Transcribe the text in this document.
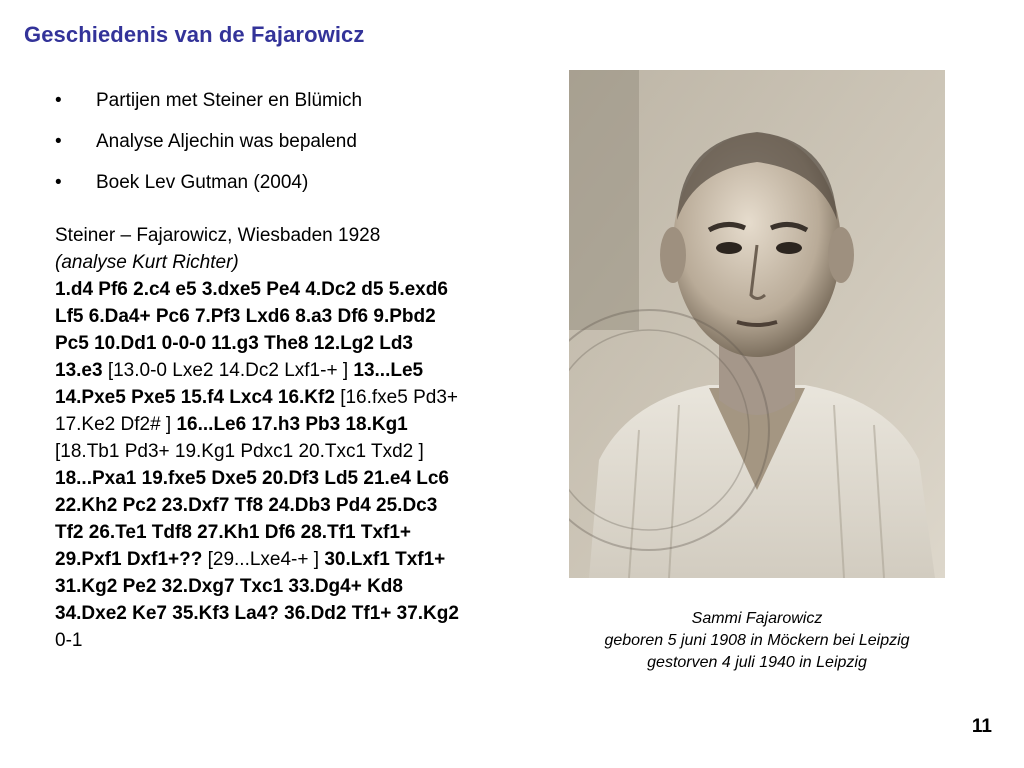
Geschiedenis van de Fajarowicz
• Partijen met Steiner en Blümich
• Analyse Aljechin was bepalend
• Boek Lev Gutman (2004)

Steiner – Fajarowicz, Wiesbaden 1928

(analyse Kurt Richter)

1.d4 Pf6 2.c4 e5 3.dxe5 Pe4 4.Dc2 d5 5.exd6 Lf5 6.Da4+ Pc6 7.Pf3 Lxd6 8.a3 Df6 9.Pbd2 Pc5 10.Dd1 0-0-0 11.g3 The8 12.Lg2 Ld3 13.e3 [13.0-0 Lxe2 14.Dc2 Lxf1-+ ] 13...Le5 14.Pxe5 Pxe5 15.f4 Lxc4 16.Kf2 [16.fxe5 Pd3+ 17.Ke2 Df2# ] 16...Le6 17.h3 Pb3 18.Kg1 [18.Tb1 Pd3+ 19.Kg1 Pdxc1 20.Txc1 Txd2 ] 18...Pxa1 19.fxe5 Dxe5 20.Df3 Ld5 21.e4 Lc6 22.Kh2 Pc2 23.Dxf7 Tf8 24.Db3 Pd4 25.Dc3 Tf2 26.Te1 Tdf8 27.Kh1 Df6 28.Tf1 Txf1+ 29.Pxf1 Dxf1+?? [29...Lxe4-+ ] 30.Lxf1 Txf1+ 31.Kg2 Pe2 32.Dxg7 Txc1 33.Dg4+ Kd8 34.Dxe2 Ke7 35.Kf3 La4? 36.Dd2 Tf1+ 37.Kg2 0-1

Sammi Fajarowicz
geboren 5 juni 1908 in Möckern bei Leipzig
gestorven 4 juli 1940 in Leipzig
11
